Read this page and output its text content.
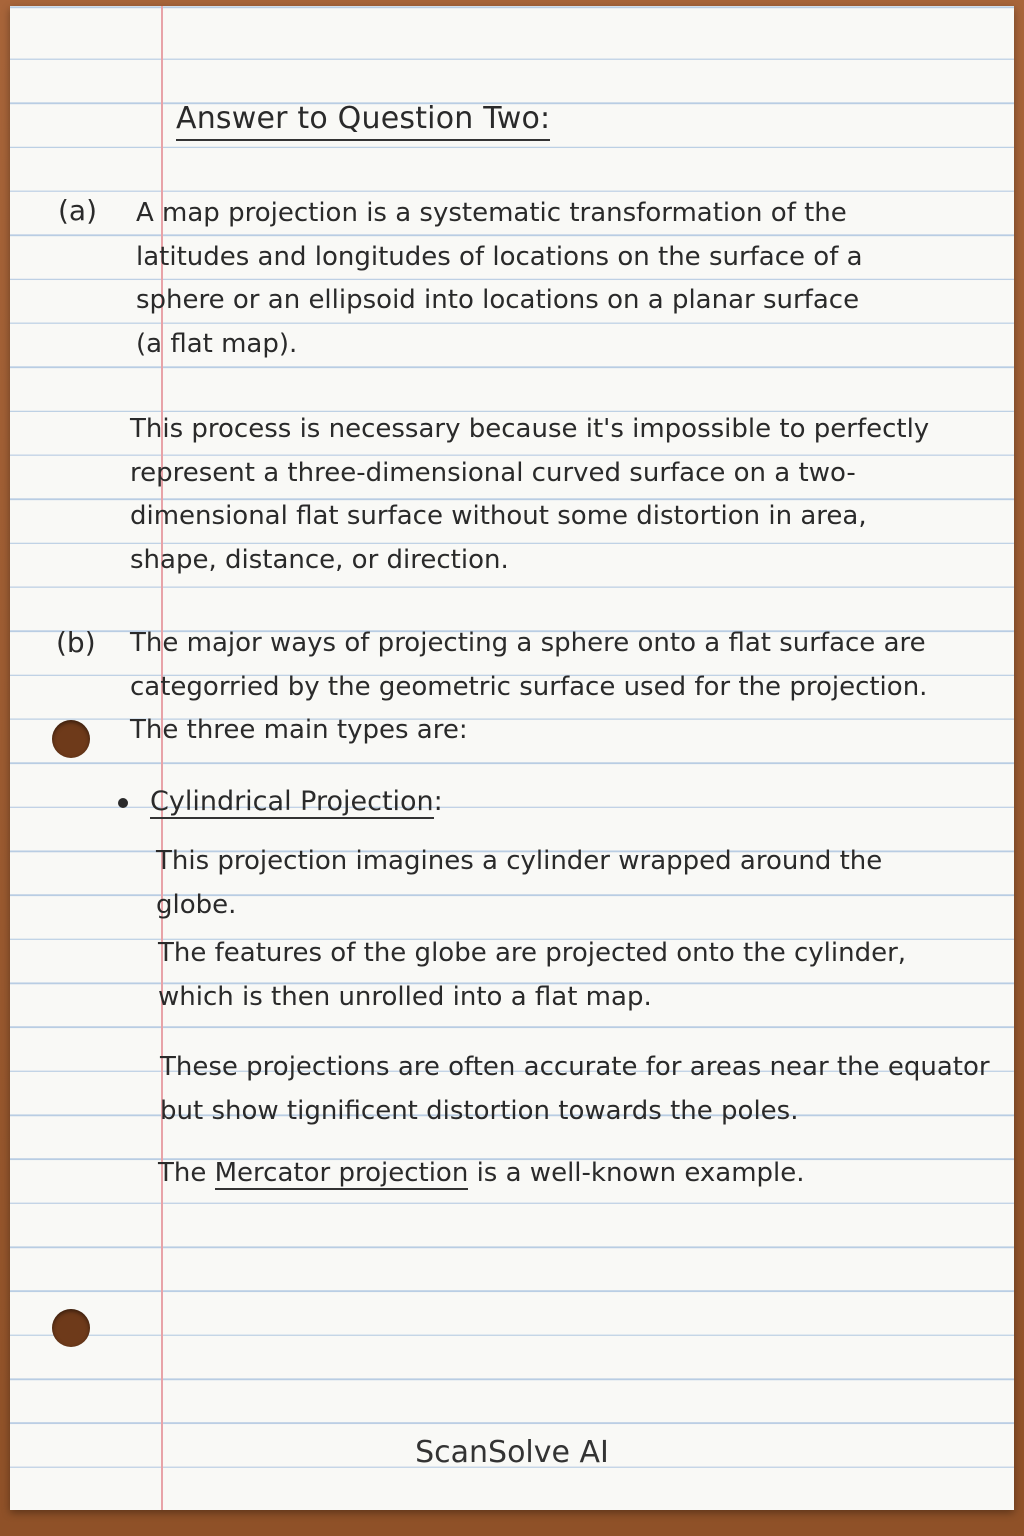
Answer to Question Two:
(a) A map projection is a systematic transformation of the
latitudes and longitudes of locations on the surface of a
sphere or an ellipsoid into locations on a planar surface
(a flat map).
This process is necessary because it's impossible to perfectly
represent a three-dimensional curved surface on a two-
dimensional flat surface without some distortion in area,
shape, distance, or direction.
(b) The major ways of projecting a sphere onto a flat surface are
categorried by the geometric surface used for the projection.
The three main types are:
Cylindrical Projection:
This projection imagines a cylinder wrapped around the
globe.
The features of the globe are projected onto the cylinder,
which is then unrolled into a flat map.
These projections are often accurate for areas near the equator
but show tignificent distortion towards the poles.
The Mercator projection is a well-known example.
ScanSolve AI
